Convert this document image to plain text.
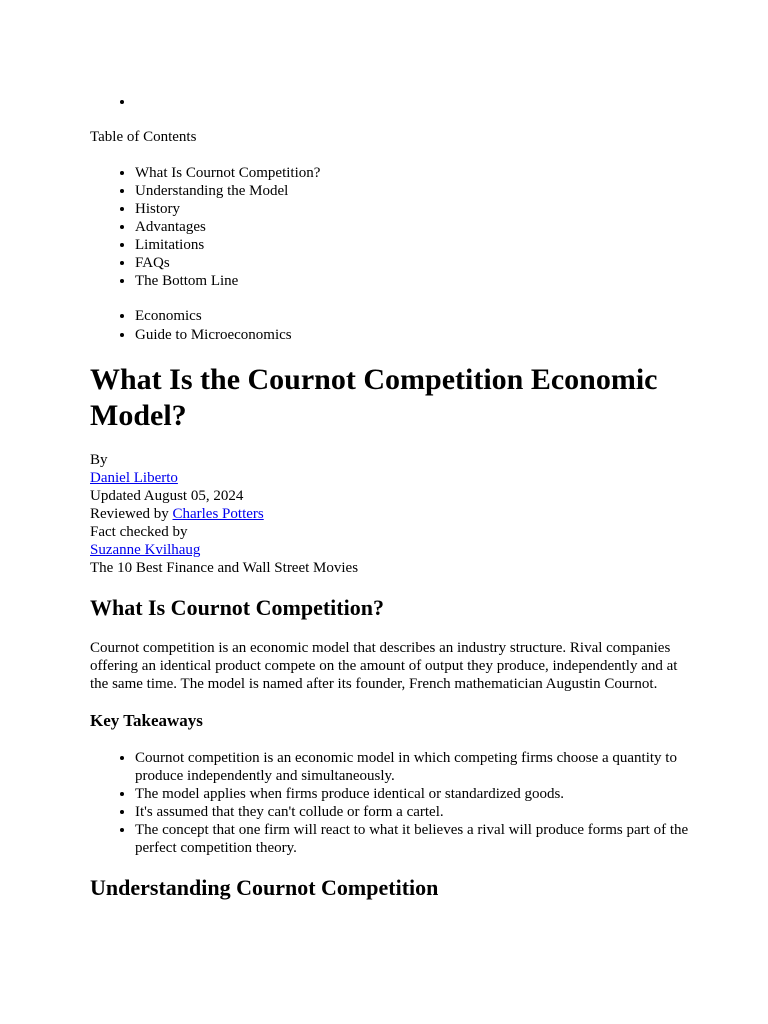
Table of Contents
• What Is Cournot Competition?
• Understanding the Model
• History
• Advantages
• Limitations
• FAQs
• The Bottom Line
• Economics
• Guide to Microeconomics
What Is the Cournot Competition Economic Model?
By
Daniel Liberto
Updated August 05, 2024
Reviewed by Charles Potters
Fact checked by
Suzanne Kvilhaug
The 10 Best Finance and Wall Street Movies
What Is Cournot Competition?

Cournot competition is an economic model that describes an industry structure. Rival companies offering an identical product compete on the amount of output they produce, independently and at the same time. The model is named after its founder, French mathematician Augustin Cournot.

Key Takeaways
• Cournot competition is an economic model in which competing firms choose a quantity to produce independently and simultaneously.
• The model applies when firms produce identical or standardized goods.
• It's assumed that they can't collude or form a cartel.
• The concept that one firm will react to what it believes a rival will produce forms part of the perfect competition theory.
Understanding Cournot Competition
